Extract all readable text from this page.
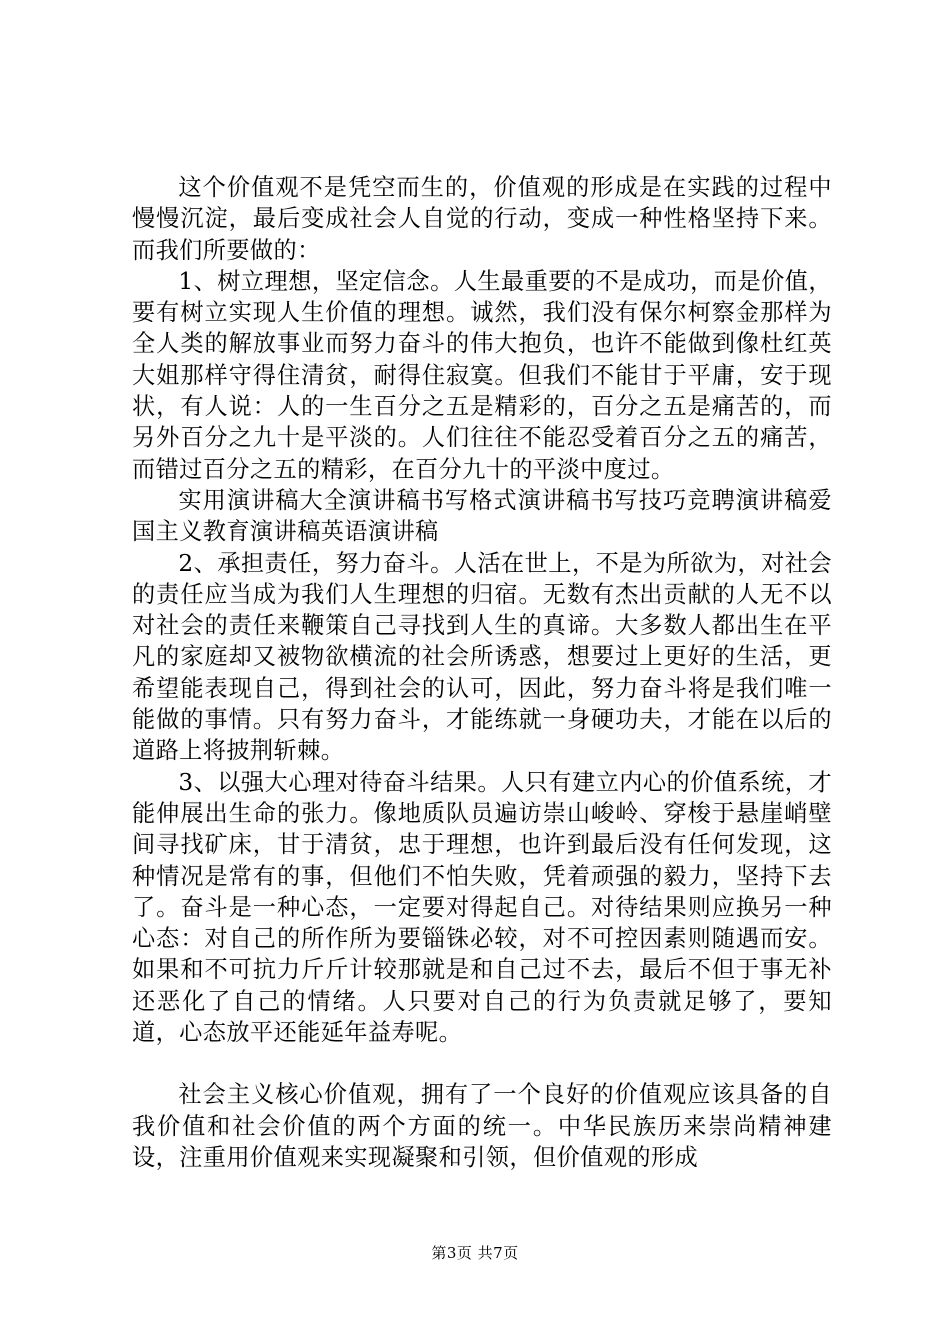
这个价值观不是凭空而生的，价值观的形成是在实践的过程中慢慢沉淀，最后变成社会人自觉的行动，变成一种性格坚持下来。而我们所要做的：

1、树立理想，坚定信念。人生最重要的不是成功，而是价值，要有树立实现人生价值的理想。诚然，我们没有保尔柯察金那样为全人类的解放事业而努力奋斗的伟大抱负，也许不能做到像杜红英大姐那样守得住清贫，耐得住寂寞。但我们不能甘于平庸，安于现状，有人说：人的一生百分之五是精彩的，百分之五是痛苦的，而另外百分之九十是平淡的。人们往往不能忍受着百分之五的痛苦，而错过百分之五的精彩，在百分九十的平淡中度过。

实用演讲稿大全演讲稿书写格式演讲稿书写技巧竞聘演讲稿爱国主义教育演讲稿英语演讲稿

2、承担责任，努力奋斗。人活在世上，不是为所欲为，对社会的责任应当成为我们人生理想的归宿。无数有杰出贡献的人无不以对社会的责任来鞭策自己寻找到人生的真谛。大多数人都出生在平凡的家庭却又被物欲横流的社会所诱惑，想要过上更好的生活，更希望能表现自己，得到社会的认可，因此，努力奋斗将是我们唯一能做的事情。只有努力奋斗，才能练就一身硬功夫，才能在以后的道路上将披荆斩棘。

3、以强大心理对待奋斗结果。人只有建立内心的价值系统，才能伸展出生命的张力。像地质队员遍访崇山峻岭、穿梭于悬崖峭壁间寻找矿床，甘于清贫，忠于理想，也许到最后没有任何发现，这种情况是常有的事，但他们不怕失败，凭着顽强的毅力，坚持下去了。奋斗是一种心态，一定要对得起自己。对待结果则应换另一种心态：对自己的所作所为要锱铢必较，对不可控因素则随遇而安。如果和不可抗力斤斤计较那就是和自己过不去，最后不但于事无补还恶化了自己的情绪。人只要对自己的行为负责就足够了，要知道，心态放平还能延年益寿呢。

社会主义核心价值观，拥有了一个良好的价值观应该具备的自我价值和社会价值的两个方面的统一。中华民族历来崇尚精神建设，注重用价值观来实现凝聚和引领，但价值观的形成

第3页 共7页
